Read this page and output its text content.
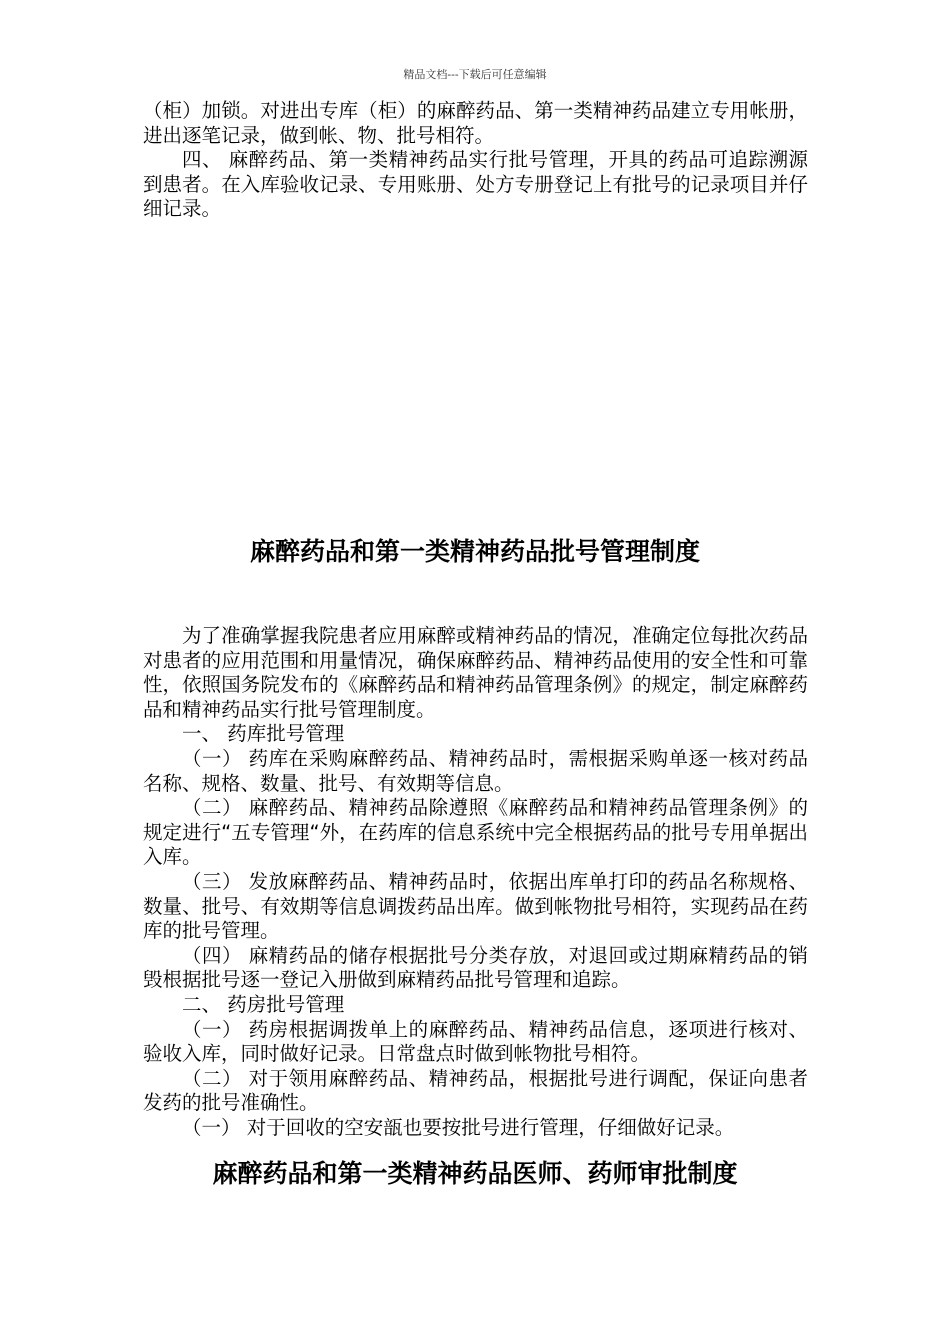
精品文档---下载后可任意编辑

（柜）加锁。对进出专库（柜）的麻醉药品、第一类精神药品建立专用帐册，进出逐笔记录，做到帐、物、批号相符。

四、 麻醉药品、第一类精神药品实行批号管理，开具的药品可追踪溯源到患者。在入库验收记录、专用账册、处方专册登记上有批号的记录项目并仔细记录。

麻醉药品和第一类精神药品批号管理制度

为了准确掌握我院患者应用麻醉或精神药品的情况，准确定位每批次药品对患者的应用范围和用量情况，确保麻醉药品、精神药品使用的安全性和可靠性，依照国务院发布的《麻醉药品和精神药品管理条例》的规定，制定麻醉药品和精神药品实行批号管理制度。

一、 药库批号管理

（一） 药库在采购麻醉药品、精神药品时，需根据采购单逐一核对药品名称、规格、数量、批号、有效期等信息。

（二） 麻醉药品、精神药品除遵照《麻醉药品和精神药品管理条例》的规定进行“五专管理“外，在药库的信息系统中完全根据药品的批号专用单据出入库。

（三） 发放麻醉药品、精神药品时，依据出库单打印的药品名称规格、数量、批号、有效期等信息调拨药品出库。做到帐物批号相符，实现药品在药库的批号管理。

（四） 麻精药品的储存根据批号分类存放，对退回或过期麻精药品的销毁根据批号逐一登记入册做到麻精药品批号管理和追踪。

二、 药房批号管理

（一） 药房根据调拨单上的麻醉药品、精神药品信息，逐项进行核对、验收入库，同时做好记录。日常盘点时做到帐物批号相符。

（二） 对于领用麻醉药品、精神药品，根据批号进行调配，保证向患者发药的批号准确性。

（一） 对于回收的空安瓿也要按批号进行管理，仔细做好记录。

麻醉药品和第一类精神药品医师、药师审批制度
